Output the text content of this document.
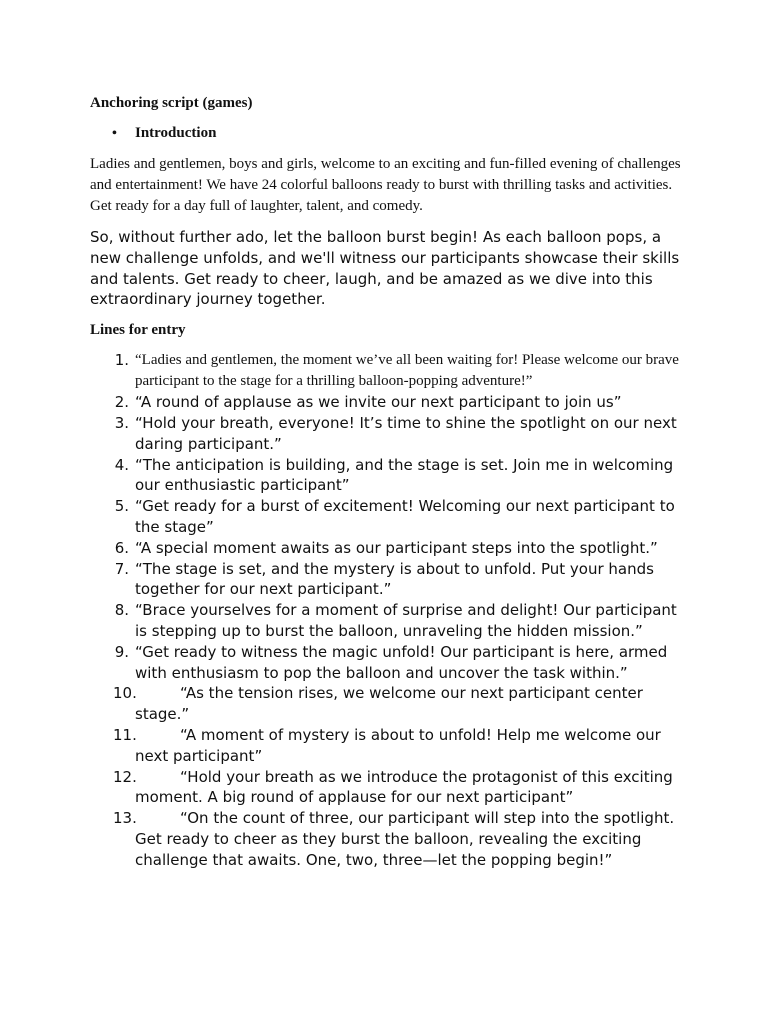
Anchoring script (games)

•	Introduction

Ladies and gentlemen, boys and girls, welcome to an exciting and fun-filled evening of challenges and entertainment! We have 24 colorful balloons ready to burst with thrilling tasks and activities. Get ready for a day full of laughter, talent, and comedy.

So, without further ado, let the balloon burst begin! As each balloon pops, a new challenge unfolds, and we'll witness our participants showcase their skills and talents. Get ready to cheer, laugh, and be amazed as we dive into this extraordinary journey together.

Lines for entry

1. “Ladies and gentlemen, the moment we’ve all been waiting for! Please welcome our brave participant to the stage for a thrilling balloon-popping adventure!”
2. “A round of applause as we invite our next participant to join us”
3. “Hold your breath, everyone! It’s time to shine the spotlight on our next daring participant.”
4. “The anticipation is building, and the stage is set. Join me in welcoming our enthusiastic participant”
5. “Get ready for a burst of excitement! Welcoming our next participant to the stage”
6. “A special moment awaits as our participant steps into the spotlight.”
7. “The stage is set, and the mystery is about to unfold. Put your hands together for our next participant.”
8. “Brace yourselves for a moment of surprise and delight! Our participant is stepping up to burst the balloon, unraveling the hidden mission.”
9. “Get ready to witness the magic unfold! Our participant is here, armed with enthusiasm to pop the balloon and uncover the task within.”
10.	“As the tension rises, we welcome our next participant center stage.”
11.	“A moment of mystery is about to unfold! Help me welcome our next participant”
12.	“Hold your breath as we introduce the protagonist of this exciting moment. A big round of applause for our next participant”
13.	“On the count of three, our participant will step into the spotlight. Get ready to cheer as they burst the balloon, revealing the exciting challenge that awaits. One, two, three—let the popping begin!”
